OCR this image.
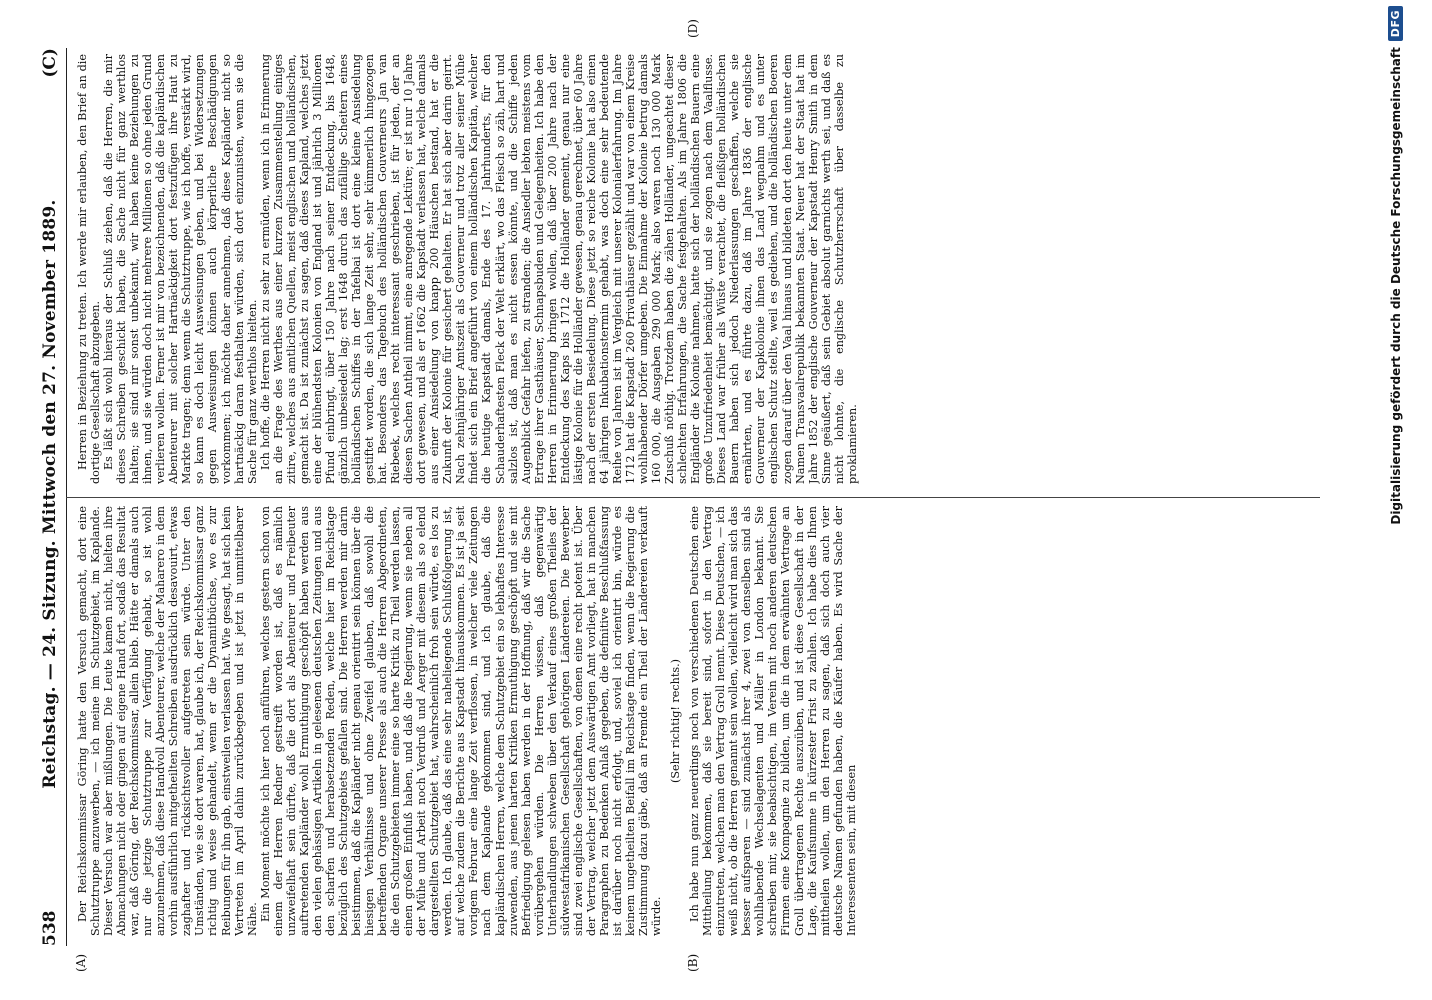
538
Reichstag. — 24. Sitzung. Mittwoch den 27. November 1889.
(C)
(A)	(B)
(D)

Der Reichskommissar Göring hatte den Versuch gemacht, dort eine Schutztruppe anzuwerben, — ich meine im Schutzgebiet, im Kaplande. Dieser Versuch war aber mißlungen. Die Leute kamen nicht, hielten ihre Abmachungen nicht oder gingen auf eigene Hand fort, sodaß das Resultat war, daß Göring, der Reichskommissar, allein blieb. Hätte er damals auch nur die jetzige Schutztruppe zur Verfügung gehabt, so ist wohl anzunehmen, daß diese Handvoll Abenteurer, welche der Maharero in dem vorhin ausführlich mitgetheilten Schreiben ausdrücklich desavouirt, etwas zaghafter und rücksichtsvoller aufgetreten sein würde. Unter den Umständen, wie sie dort waren, hat, glaube ich, der Reichskommissar ganz richtig und weise gehandelt, wenn er die Dynamitbüchse, wo es zur Reibungen für ihn gab, einstweilen verlassen hat. Wie gesagt, hat sich kein Vertreten im April dahin zurückbegeben und ist jetzt in unmittelbarer Nähe. Ein Moment möchte ich hier noch anführen, welches gestern schon von einem der Herren Redner gestreift worden ist, daß es nämlich unzweifelhaft sein dürfte, daß die dort als Abenteurer und Freibeuter auftretenden Kapländer wohl Ermuthigung geschöpft haben werden aus den vielen gehässigen Artikeln in gelesenen deutschen Zeitungen und aus den scharfen und herabsetzenden Reden, welche hier im Reichstage bezüglich des Schutzgebiets gefallen sind. Die Herren werden mir darin beistimmen, daß die Kapländer nicht genau orientirt sein können über die hiesigen Verhältnisse und ohne Zweifel glauben, daß sowohl die betreffenden Organe unserer Presse als auch die Herren Abgeordneten, die den Schutzgebieten immer eine so harte Kritik zu Theil werden lassen, einen großen Einfluß haben, und daß die Regierung, wenn sie neben all der Mühe und Arbeit noch Verdruß und Aerger mit diesem als so elend dargestellten Schutzgebiet hat, wahrscheinlich froh sein würde, es los zu werden. Ich glaube, daß das eine sehr naheliegende Schlußfolgerung ist, auf welche zudem die Berichte aus Kapstadt hinauskommen. Es ist ja seit vorigem Februar eine lange Zeit verflossen, in welcher viele Zeitungen nach dem Kaplande gekommen sind, und ich glaube, daß die kapländischen Herren, welche dem Schutzgebiet ein so lebhaftes Interesse zuwenden, aus jenen harten Kritiken Ermuthigung geschöpft und sie mit Befriedigung gelesen haben werden in der Hoffnung, daß wir die Sache vorübergehen würden. Die Herren wissen, daß gegenwärtig Unterhandlungen schweben über den Verkauf eines großen Theiles der südwestafrikanischen Gesellschaft gehörigen Ländereien. Die Bewerber sind zwei englische Gesellschaften, von denen eine recht potent ist. Über der Vertrag, welcher jetzt dem Auswärtigen Amt vorliegt, hat in manchen Paragraphen zu Bedenken Anlaß gegeben, die definitive Beschlußfassung ist darüber noch nicht erfolgt, und, soviel ich orientirt bin, würde es keinem ungetheilten Beifall im Reichstage finden, wenn die Regierung die Zustimmung dazu gäbe, daß an Fremde ein Theil der Ländereien verkauft würde.

(Sehr richtig! rechts.) Ich habe nun ganz neuerdings noch von verschiedenen Deutschen eine Mittheilung bekommen, daß sie bereit sind, sofort in den Vertrag einzutreten, welchen man den Vertrag Groll nennt. Diese Deutschen, — ich weiß nicht, ob die Herren genannt sein wollen, vielleicht wird man sich das besser aufsparen — sind zunächst ihrer 4, zwei von denselben sind als wohlhabende Wechselagenten und Mäller in London bekannt. Sie schreiben mir, sie beabsichtigen, im Verein mit noch anderen deutschen Firmen eine Kompagnie zu bilden, um die in dem erwähnten Vertrage an Groll übertragenen Rechte auszuüben, und ist diese Gesellschaft in der Lage, die Kaufsumme in kürzester Frist zu zahlen. Ich habe dies Ihnen mittheilen wollen, um den Herren zu sagen, daß sich doch auch vier deutsche Namen gefunden haben, die Käufer haben. Es wird Sache der Interessenten sein, mit diesen

Herren in Beziehung zu treten. Ich werde mir erlauben, den Brief an die dortige Gesellschaft abzugeben. Es läßt sich wohl hieraus der Schluß ziehen, daß die Herren, die mir dieses Schreiben geschickt haben, die Sache nicht für ganz werthlos halten; sie sind mir sonst unbekannt, wir haben keine Beziehungen zu ihnen, und sie würden doch nicht mehrere Millionen so ohne jeden Grund verlieren wollen. Ferner ist mir von bezeichnenden, daß die kapländischen Abenteurer mit solcher Hartnäckigkeit dort festzufügen ihre Haut zu Markte tragen; denn wenn die Schutztruppe, wie ich hoffe, verstärkt wird, so kann es doch leicht Ausweisungen geben, und bei Widersetzungen gegen Ausweisungen können auch körperliche Beschädigungen vorkommen; ich möchte daher annehmen, daß diese Kapländer nicht so hartnäckig daran festhalten würden, sich dort einzunisten, wenn sie die Sache für ganz werthlos hielten. Ich hoffe, die Herren nicht zu sehr zu ermüden, wenn ich in Erinnerung an die Frage des Werthes aus einer kurzen Zusammenstellung einiges zitire, welches aus amtlichen Quellen, meist englischen und holländischen, gemacht ist. Da ist zunächst zu sagen, daß dieses Kapland, welches jetzt eine der blühendsten Kolonien von England ist und jährlich 3 Millionen Pfund einbringt, über 150 Jahre nach seiner Entdeckung, bis 1648, gänzlich unbesiedelt lag; erst 1648 durch das zufällige Scheitern eines holländischen Schiffes in der Tafelbai ist dort eine kleine Ansiedelung gestiftet worden, die sich lange Zeit sehr, sehr kümmerlich hingezogen hat. Besonders das Tagebuch des holländischen Gouverneurs Jan van Riebeek, welches recht interessant geschrieben, ist für jeden, der an diesen Sachen Antheil nimmt, eine anregende Lektüre; er ist nur 10 Jahre dort gewesen, und als er 1662 die Kapstadt verlassen hat, welche damals aus einer Ansiedelung von knapp 200 Häuschen bestand, hat er die Zukunft der Kolonie für gesichert gehalten. Er hat sich aber darin geirrt. Nach zehnjähriger Amtszeit als Gouverneur und trotz aller seiner Mühe findet sich ein Brief angeführt von einem holländischen Kapitän, welcher die heutige Kapstadt damals, Ende des 17. Jahrhunderts, für den Schauderhaftesten Fleck der Welt erklärt, wo das Fleisch so zäh, hart und salzlos ist, daß man es nicht essen könnte, und die Schiffe jeden Augenblick Gefahr liefen, zu stranden; die Ansiedler lebten meistens vom Ertrage ihrer Gasthäuser, Schnapsbuden und Gelegenheiten. Ich habe den Herren in Erinnerung bringen wollen, daß über 200 Jahre nach der Entdeckung des Kaps bis 1712 die Holländer gemeint, genau nur eine lästige Kolonie für die Holländer gewesen, genau gerechnet, über 60 Jahre nach der ersten Besiedelung. Diese jetzt so reiche Kolonie hat also einen 64 jährigen Inkubationstermin gehabt, was doch eine sehr bedeutende Reihe von Jahren ist im Vergleich mit unserer Kolonialerfahrung. Im Jahre 1712 hat die Kapstadt 260 Privathäuser gezählt und war von einem Kreise wohlhabender Dörfer umgeben. Die Einnahme der Kolonie betrug damals 160 000, die Ausgaben 290 000 Mark; also waren noch 130 000 Mark Zuschuß nöthig. Trotzdem haben die zähen Holländer, ungeachtet dieser schlechten Erfahrungen, die Sache festgehalten. Als im Jahre 1806 die Engländer die Kolonie nahmen, hatte sich der holländischen Bauern eine große Unzufriedenheit bemächtigt, und sie zogen nach dem Vaalflusse. Dieses Land war früher als Wüste verachtet, die fleißigen holländischen Bauern haben sich jedoch Niederlassungen geschaffen, welche sie ernährten, und es führte dazu, daß im Jahre 1836 der englische Gouverneur der Kapkolonie ihnen das Land wegnahm und es unter englischen Schutz stellte, weil es gediehen, und die holländischen Boeren zogen darauf über den Vaal hinaus und bildeten dort den heute unter dem Namen Transvaalrepublik bekannten Staat. Neuer hat der Staat hat im Jahre 1852 der englische Gouverneur der Kapstadt Henry Smith in dem Sinne geäußert, daß sein Gebiet absolut garnichts werth sei, und daß es nicht lohnte, die englische Schutzherrschaft über dasselbe zu proklamieren.	Digitalisierung gefördert durch die Deutsche Forschungsgemeinschaft
DFG
